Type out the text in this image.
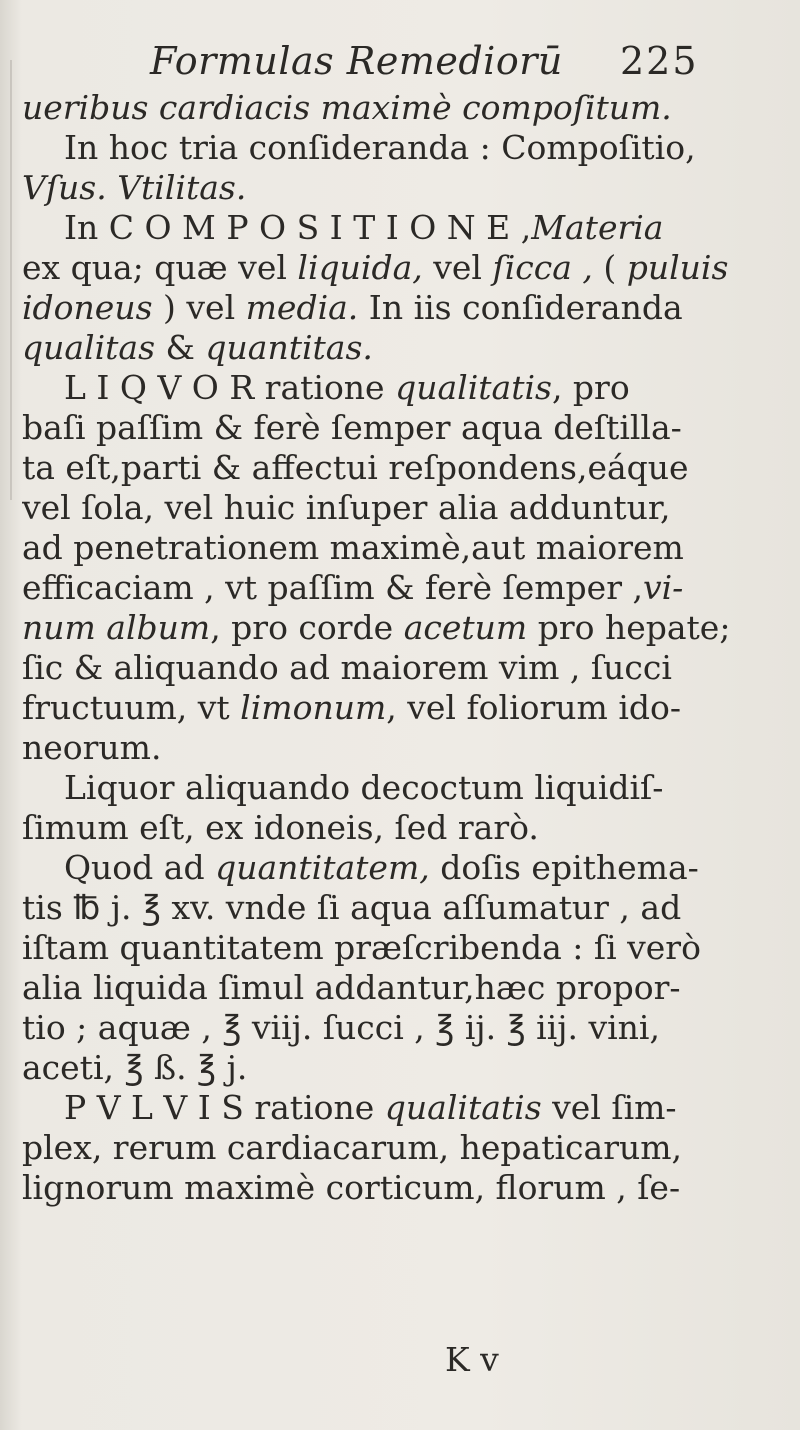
Formulas Remediorū 225
ueribus cardiacis maximè compoſitum.
In hoc tria conſideranda : Compoſitio,
Vſus. Vtilitas.
In C O M P O S I T I O N E ,Materia
ex qua; quæ vel liquida, vel ſicca , ( puluis
idoneus ) vel media. In iis conſideranda
qualitas & quantitas.
L I Q V O R ratione qualitatis, pro
baſi paſſim & ferè ſemper aqua deſtilla-
ta eſt,parti & affectui reſpondens,eáque
vel ſola, vel huic inſuper alia adduntur,
ad penetrationem maximè,aut maiorem
efficaciam , vt paſſim & ferè ſemper ,vi-
num album, pro corde acetum pro hepate;
ſic & aliquando ad maiorem vim , ſucci
fructuum, vt limonum, vel foliorum ido-
neorum.
Liquor aliquando decoctum liquidiſ-
ſimum eſt, ex idoneis, ſed rarò.
Quod ad quantitatem, doſis epithema-
tis ℔ j. ℥ xv. vnde ſi aqua aſſumatur , ad
iſtam quantitatem præſcribenda : ſi verò
alia liquida ſimul addantur,hæc propor-
tio ; aquæ , ℥ viij. ſucci , ℥ ij. ℥ iij. vini,
aceti, ℥ ß. ℥ j.
P V L V I S ratione qualitatis vel ſim-
plex, rerum cardiacarum, hepaticarum,
lignorum maximè corticum, florum , ſe-
K v
